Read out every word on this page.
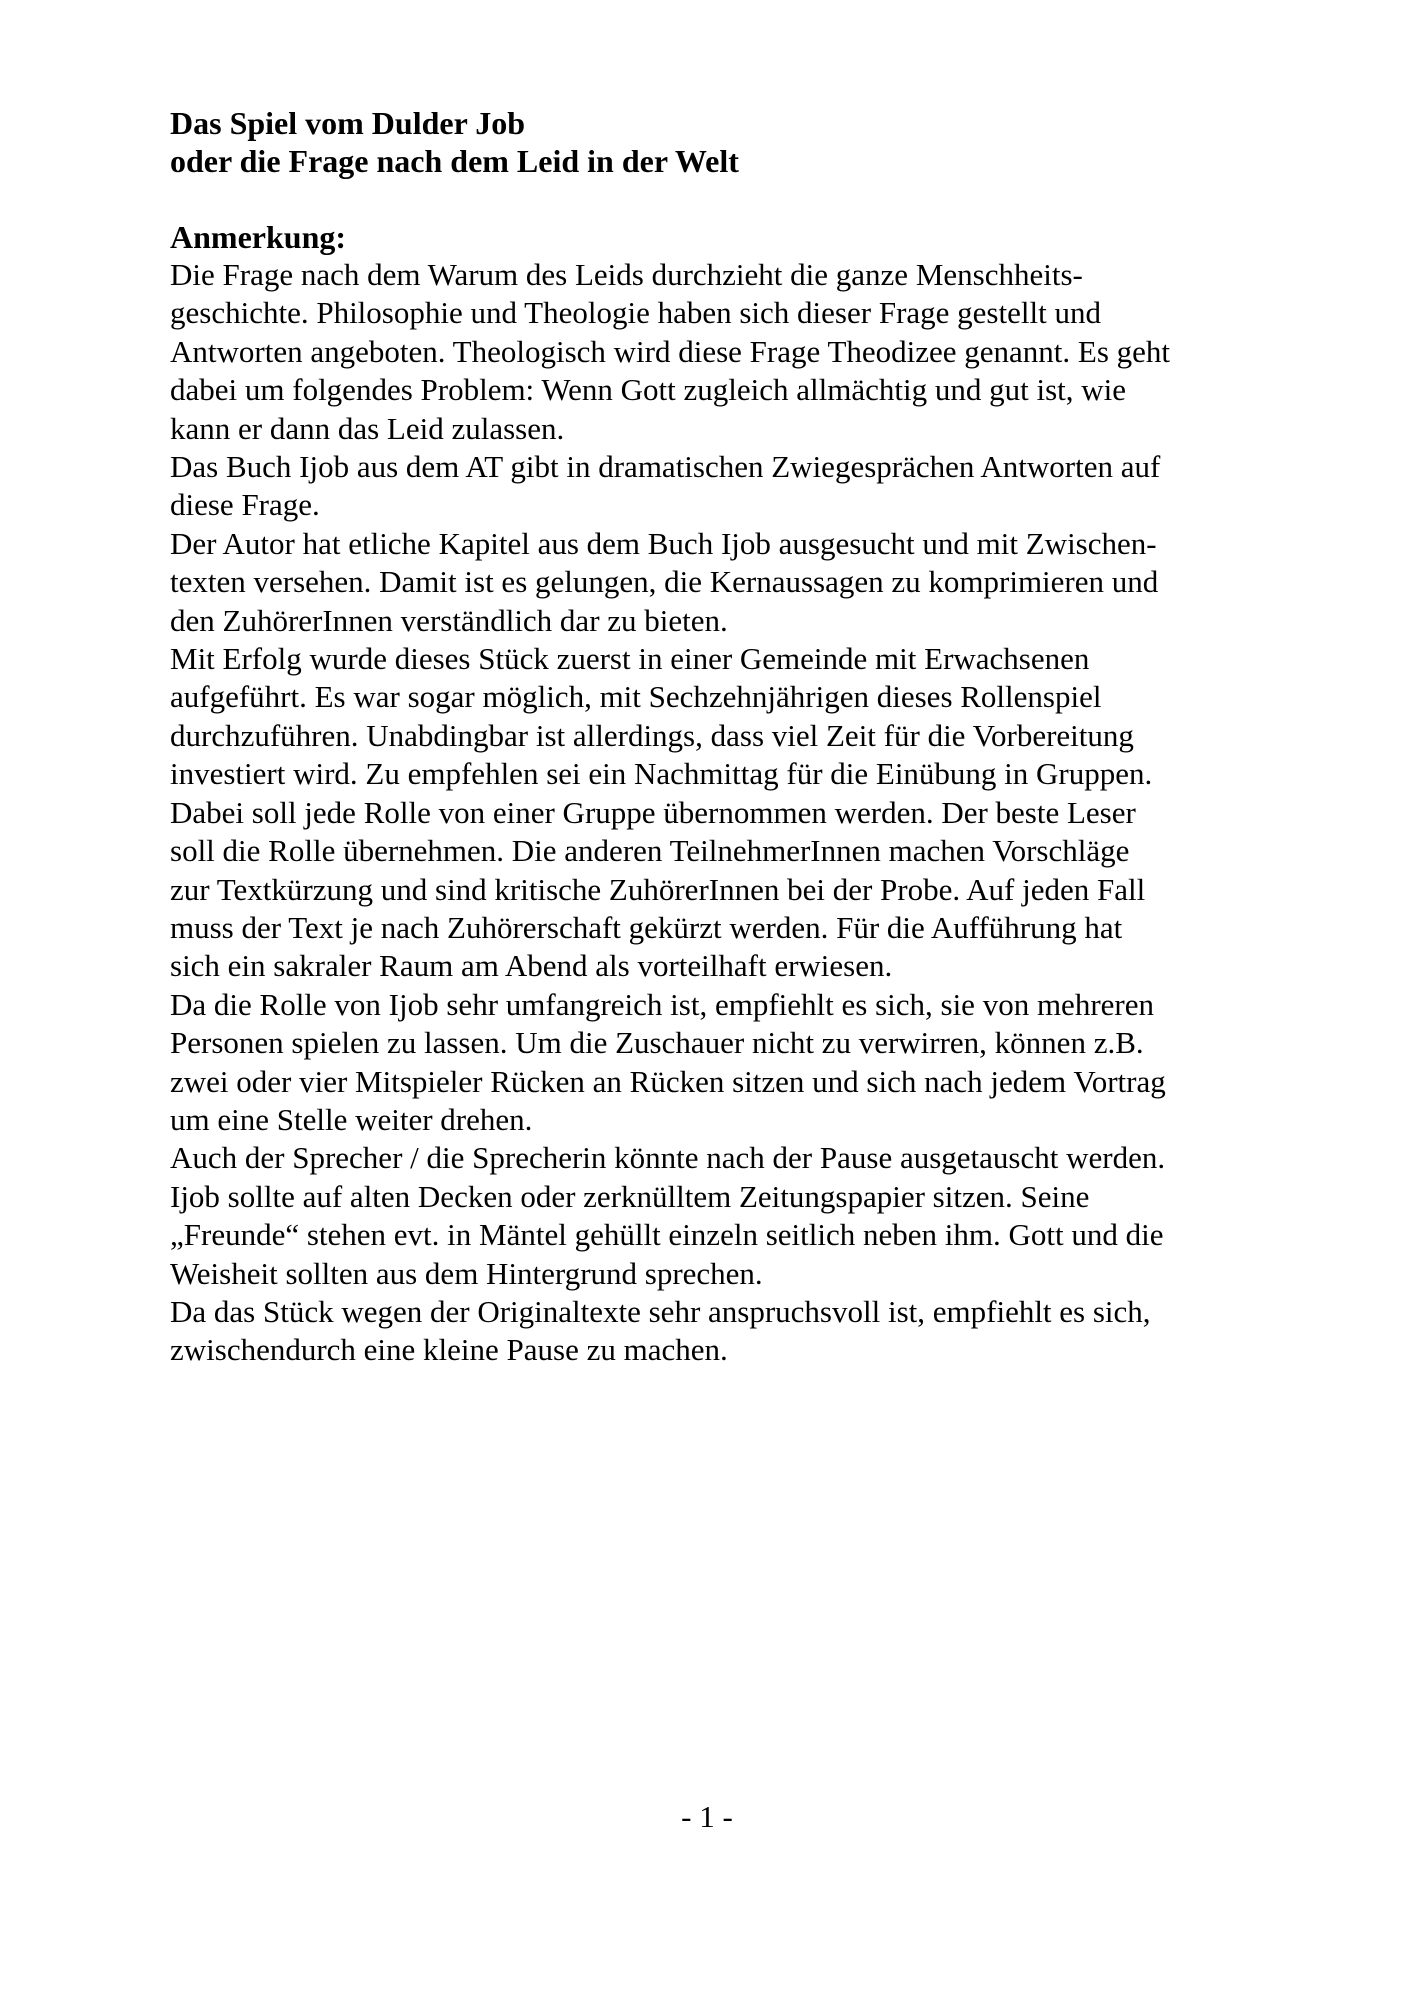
Das Spiel vom Dulder Job
oder die Frage nach dem Leid in der Welt
Anmerkung:

Die Frage nach dem Warum des Leids durchzieht die ganze Menschheits-
geschichte. Philosophie und Theologie haben sich dieser Frage gestellt und
Antworten angeboten. Theologisch wird diese Frage Theodizee genannt. Es geht
dabei um folgendes Problem: Wenn Gott zugleich allmächtig und gut ist, wie
kann er dann das Leid zulassen.

Das Buch Ijob aus dem AT gibt in dramatischen Zwiegesprächen Antworten auf
diese Frage.

Der Autor hat etliche Kapitel aus dem Buch Ijob ausgesucht und mit Zwischen-
texten versehen. Damit ist es gelungen, die Kernaussagen zu komprimieren und
den ZuhörerInnen verständlich dar zu bieten.

Mit Erfolg wurde dieses Stück zuerst in einer Gemeinde mit Erwachsenen
aufgeführt. Es war sogar möglich, mit Sechzehnjährigen dieses Rollenspiel
durchzuführen. Unabdingbar ist allerdings, dass viel Zeit für die Vorbereitung
investiert wird. Zu empfehlen sei ein Nachmittag für die Einübung in Gruppen.
Dabei soll jede Rolle von einer Gruppe übernommen werden. Der beste Leser
soll die Rolle übernehmen. Die anderen TeilnehmerInnen machen Vorschläge
zur Textkürzung und sind kritische ZuhörerInnen bei der Probe. Auf jeden Fall
muss der Text je nach Zuhörerschaft gekürzt werden. Für die Aufführung hat
sich ein sakraler Raum am Abend als vorteilhaft erwiesen.

Da die Rolle von Ijob sehr umfangreich ist, empfiehlt es sich, sie von mehreren
Personen spielen zu lassen. Um die Zuschauer nicht zu verwirren, können z.B.
zwei oder vier Mitspieler Rücken an Rücken sitzen und sich nach jedem Vortrag
um eine Stelle weiter drehen.

Auch der Sprecher / die Sprecherin könnte nach der Pause ausgetauscht werden.
Ijob sollte auf alten Decken oder zerknülltem Zeitungspapier sitzen. Seine
„Freunde“ stehen evt. in Mäntel gehüllt einzeln seitlich neben ihm. Gott und die
Weisheit sollten aus dem Hintergrund sprechen.

Da das Stück wegen der Originaltexte sehr anspruchsvoll ist, empfiehlt es sich,
zwischendurch eine kleine Pause zu machen.

- 1 -
